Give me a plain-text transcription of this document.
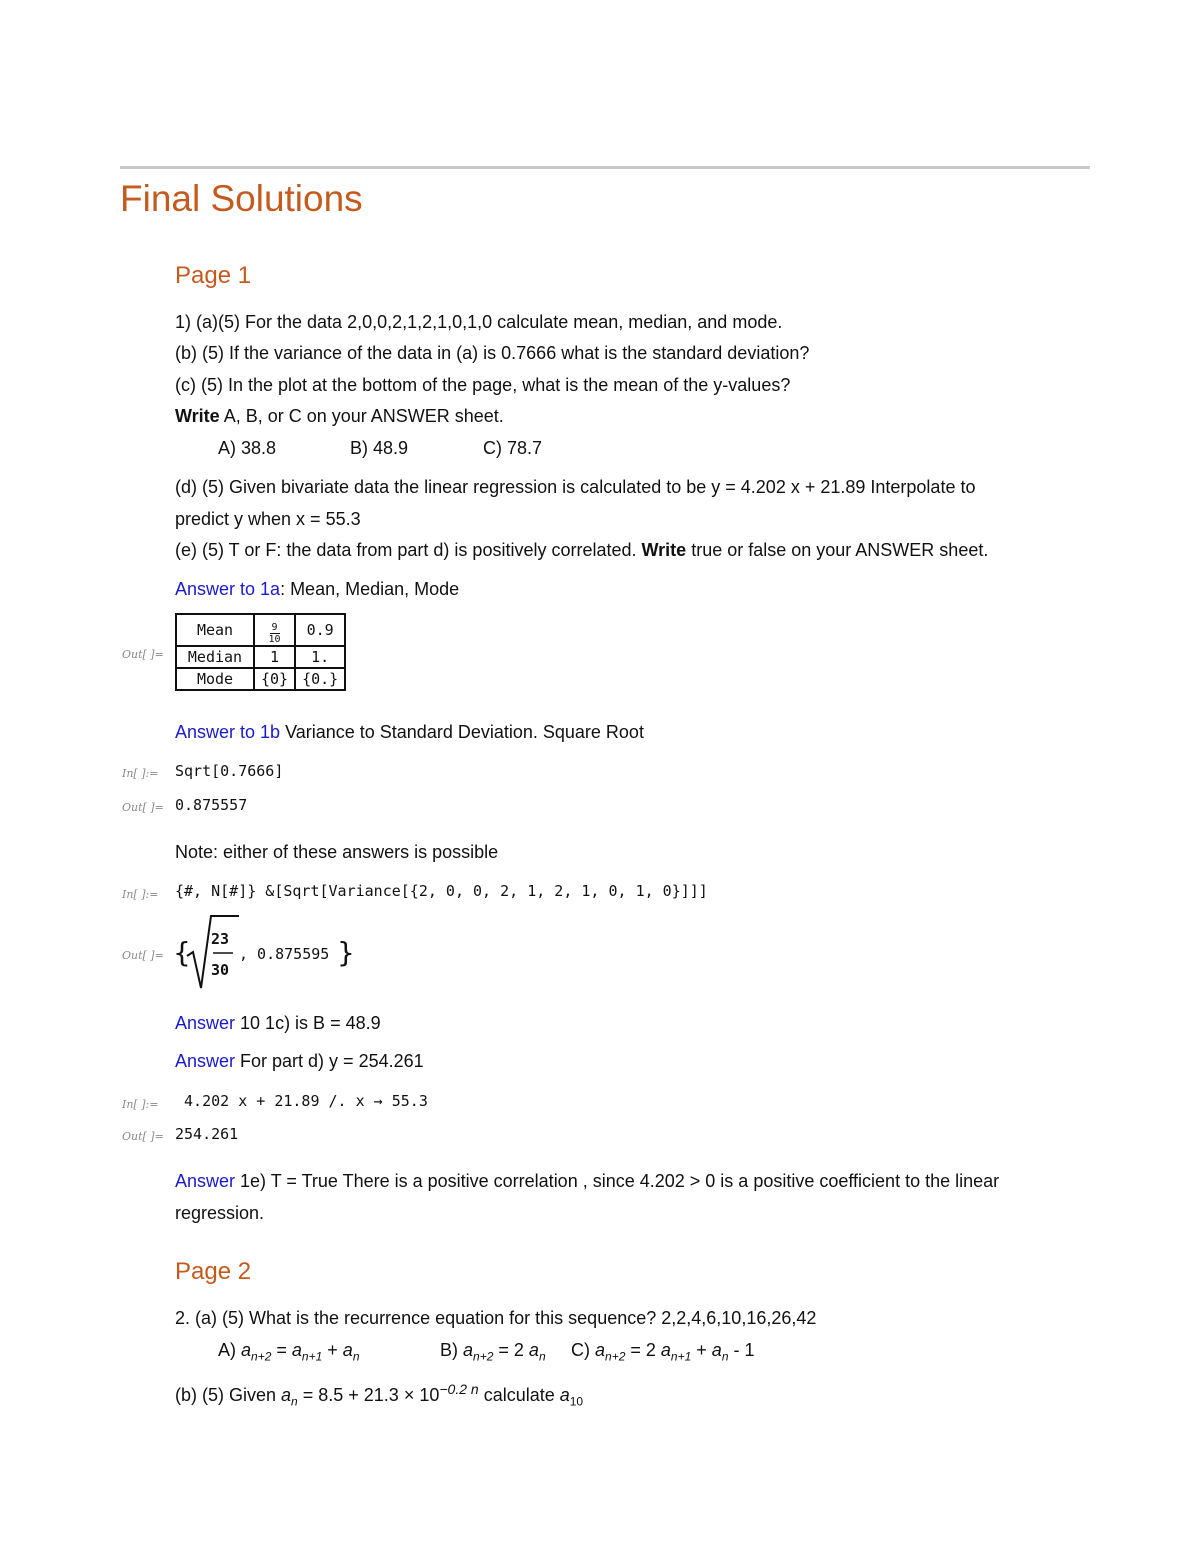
Final Solutions
Page 1
1) (a)(5) For the data 2,0,0,2,1,2,1,0,1,0 calculate mean, median, and mode.
(b) (5) If the variance of the data in (a) is 0.7666 what is the standard deviation?
(c) (5) In the plot at the bottom of the page, what is the mean of the y-values?
Write A, B, or C on your ANSWER sheet.
A) 38.8	B) 48.9	C) 78.7
(d) (5) Given bivariate data the linear regression is calculated to be y = 4.202 x + 21.89 Interpolate to
predict y when x = 55.3
(e) (5) T or F: the data from part d) is positively correlated. Write true or false on your ANSWER sheet.
Answer to 1a: Mean, Median, Mode
Out[ ]=
Mean	$\frac{9}{10}$	0.9
Median	1	1.
Mode	{0}	{0.}
Answer to 1b Variance to Standard Deviation. Square Root
In[ ]:= Sqrt[0.7666]
Out[ ]= 0.875557
Note: either of these answers is possible
In[ ]:= {#, N[#]} &[Sqrt[Variance[{2, 0, 0, 2, 1, 2, 1, 0, 1, 0}]]]
Out[ ]= {	}
23
30
, 0.875595
Answer 10 1c) is B = 48.9
Answer For part d) y = 254.261
In[ ]:= 4.202 x + 21.89 /. x → 55.3
Out[ ]= 254.261
Answer 1e) T = True There is a positive correlation , since 4.202 > 0 is a positive coefficient to the linear
regression.
Page 2
2. (a) (5) What is the recurrence equation for this sequence? 2,2,4,6,10,16,26,42
A) $a_{n+2} = a_{n+1} + a_n$	B) $a_{n+2} = 2$ $a_n$ C) $a_{n+2} = 2$ $a_{n+1} + a_n - 1$
(b) (5) Given $a_n = 8.5 + 21.3 \times 10^{-0.2 n}$ calculate $a_{10}$
